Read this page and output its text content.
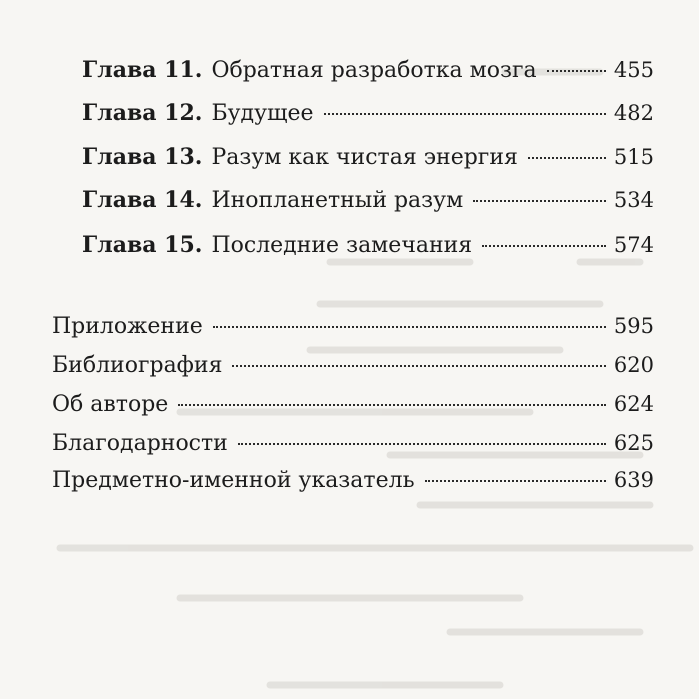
Глава 11. Обратная разработка мозга	455
Глава 12. Будущее	482
Глава 13. Разум как чистая энергия	515
Глава 14. Инопланетный разум	534
Глава 15. Последние замечания	574
Приложение	595
Библиография	620
Об авторе	624
Благодарности	625
Предметно-именной указатель	639
